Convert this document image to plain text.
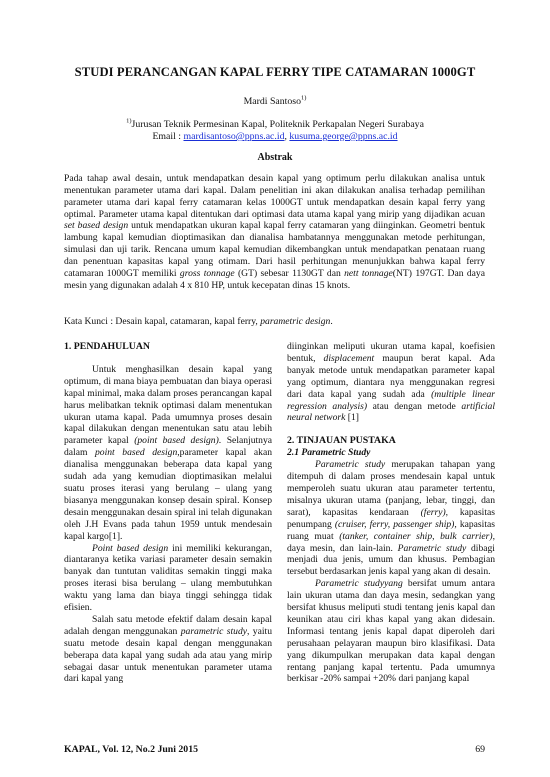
STUDI PERANCANGAN KAPAL FERRY TIPE CATAMARAN 1000GT
Mardi Santoso$^{1)}$
$^{1)}$Jurusan Teknik Permesinan Kapal, Politeknik Perkapalan Negeri Surabaya
Email : mardisantoso@ppns.ac.id, kusuma.george@ppns.ac.id
Abstrak
Pada tahap awal desain, untuk mendapatkan desain kapal yang optimum perlu dilakukan analisa untuk menentukan parameter utama dari kapal. Dalam penelitian ini akan dilakukan analisa terhadap pemilihan parameter utama dari kapal ferry catamaran kelas 1000GT untuk mendapatkan desain kapal ferry yang optimal. Parameter utama kapal ditentukan dari optimasi data utama kapal yang mirip yang dijadikan acuan set based design untuk mendapatkan ukuran kapal kapal ferry catamaran yang diinginkan. Geometri bentuk lambung kapal kemudian dioptimasikan dan dianalisa hambatannya menggunakan metode perhitungan, simulasi dan uji tarik. Rencana umum kapal kemudian dikembangkan untuk mendapatkan penataan ruang dan penentuan kapasitas kapal yang otimam. Dari hasil perhitungan menunjukkan bahwa kapal ferry catamaran 1000GT memiliki gross tonnage (GT) sebesar 1130GT dan nett tonnage(NT) 197GT. Dan daya mesin yang digunakan adalah 4 x 810 HP, untuk kecepatan dinas 15 knots.
Kata Kunci : Desain kapal, catamaran, kapal ferry, parametric design.

1. PENDAHULUAN

Untuk menghasilkan desain kapal yang optimum, di mana biaya pembuatan dan biaya operasi kapal minimal, maka dalam proses perancangan kapal harus melibatkan teknik optimasi dalam menentukan ukuran utama kapal. Pada umumnya proses desain kapal dilakukan dengan menentukan satu atau lebih parameter kapal (point based design). Selanjutnya dalam point based design,parameter kapal akan dianalisa menggunakan beberapa data kapal yang sudah ada yang kemudian dioptimasikan melalui suatu proses iterasi yang berulang – ulang yang biasanya menggunakan konsep desain spiral. Konsep desain menggunakan desain spiral ini telah digunakan oleh J.H Evans pada tahun 1959 untuk mendesain kapal kargo[1].

Point based design ini memiliki kekurangan, diantaranya ketika variasi parameter desain semakin banyak dan tuntutan validitas semakin tinggi maka proses iterasi bisa berulang – ulang membutuhkan waktu yang lama dan biaya tinggi sehingga tidak efisien.

Salah satu metode efektif dalam desain kapal adalah dengan menggunakan parametric study, yaitu suatu metode desain kapal dengan menggunakan beberapa data kapal yang sudah ada atau yang mirip sebagai dasar untuk menentukan parameter utama dari kapal yang

diinginkan meliputi ukuran utama kapal, koefisien bentuk, displacement maupun berat kapal. Ada banyak metode untuk mendapatkan parameter kapal yang optimum, diantara nya menggunakan regresi dari data kapal yang sudah ada (multiple linear regression analysis) atau dengan metode artificial neural network [1]

2. TINJAUAN PUSTAKA

2.1 Parametric Study

Parametric study merupakan tahapan yang ditempuh di dalam proses mendesain kapal untuk memperoleh suatu ukuran atau parameter tertentu, misalnya ukuran utama (panjang, lebar, tinggi, dan sarat), kapasitas kendaraan (ferry), kapasitas penumpang (cruiser, ferry, passenger ship), kapasitas ruang muat (tanker, container ship, bulk carrier), daya mesin, dan lain-lain. Parametric study dibagi menjadi dua jenis, umum dan khusus. Pembagian tersebut berdasarkan jenis kapal yang akan di desain.

Parametric studyyang bersifat umum antara lain ukuran utama dan daya mesin, sedangkan yang bersifat khusus meliputi studi tentang jenis kapal dan keunikan atau ciri khas kapal yang akan didesain. Informasi tentang jenis kapal dapat diperoleh dari perusahaan pelayaran maupun biro klasifikasi. Data yang dikumpulkan merupakan data kapal dengan rentang panjang kapal tertentu. Pada umumnya berkisar -20% sampai +20% dari panjang kapal

KAPAL, Vol. 12, No.2 Juni 2015	69
